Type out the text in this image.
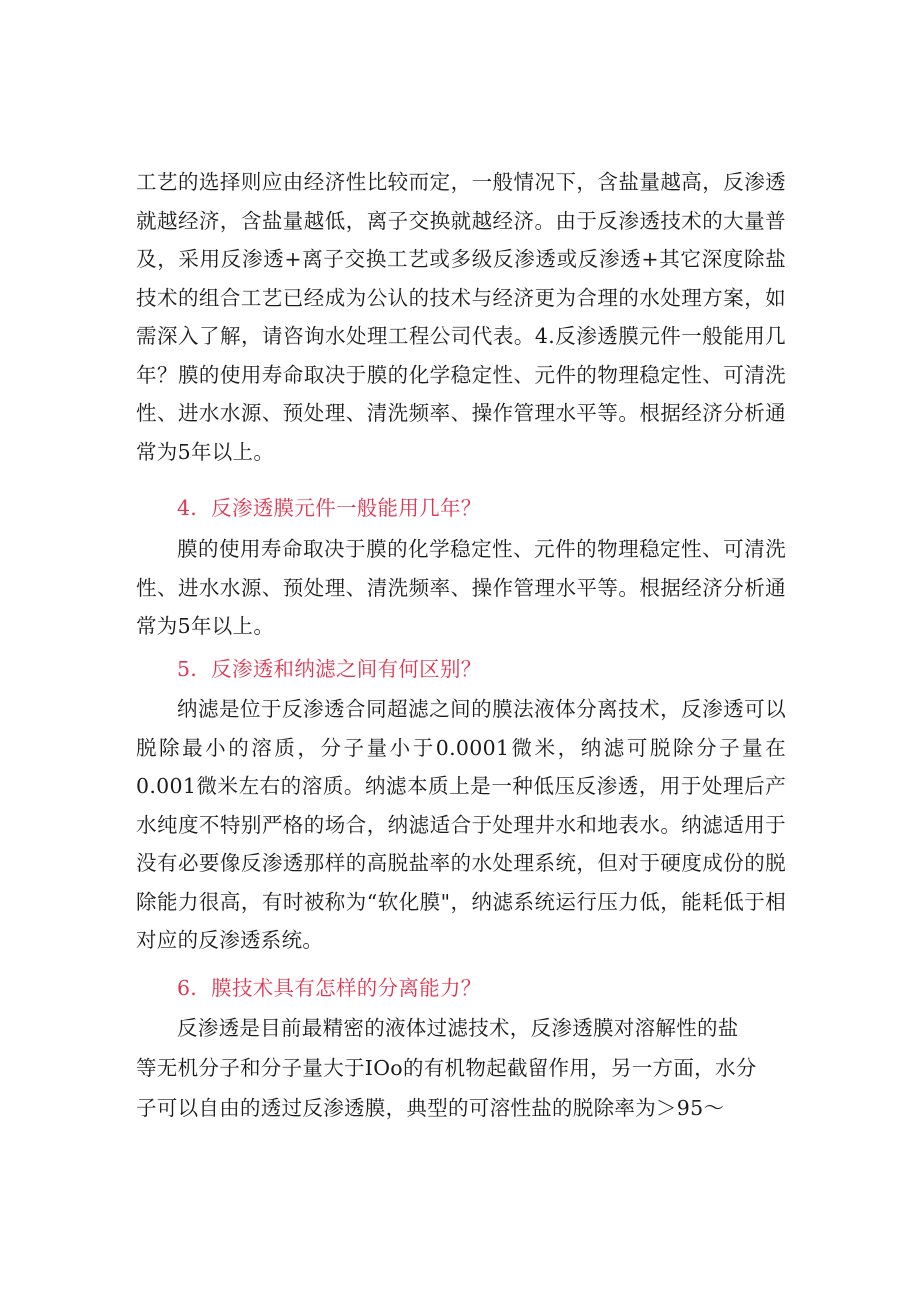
工艺的选择则应由经济性比较而定，一般情况下，含盐量越高，反渗透就越经济，含盐量越低，离子交换就越经济。由于反渗透技术的大量普及，采用反渗透+离子交换工艺或多级反渗透或反渗透+其它深度除盐技术的组合工艺已经成为公认的技术与经济更为合理的水处理方案，如需深入了解，请咨询水处理工程公司代表。4.反渗透膜元件一般能用几年？膜的使用寿命取决于膜的化学稳定性、元件的物理稳定性、可清洗性、进水水源、预处理、清洗频率、操作管理水平等。根据经济分析通常为5年以上。

4．反渗透膜元件一般能用几年？

膜的使用寿命取决于膜的化学稳定性、元件的物理稳定性、可清洗性、进水水源、预处理、清洗频率、操作管理水平等。根据经济分析通常为5年以上。

5．反渗透和纳滤之间有何区别？

纳滤是位于反渗透合同超滤之间的膜法液体分离技术，反渗透可以脱除最小的溶质，分子量小于0.0001微米，纳滤可脱除分子量在0.001微米左右的溶质。纳滤本质上是一种低压反渗透，用于处理后产水纯度不特别严格的场合，纳滤适合于处理井水和地表水。纳滤适用于没有必要像反渗透那样的高脱盐率的水处理系统，但对于硬度成份的脱除能力很高，有时被称为“软化膜"，纳滤系统运行压力低，能耗低于相对应的反渗透系统。

6．膜技术具有怎样的分离能力？

反渗透是目前最精密的液体过滤技术，反渗透膜对溶解性的盐

等无机分子和分子量大于IOo的有机物起截留作用，另一方面，水分

子可以自由的透过反渗透膜，典型的可溶性盐的脱除率为＞95～
